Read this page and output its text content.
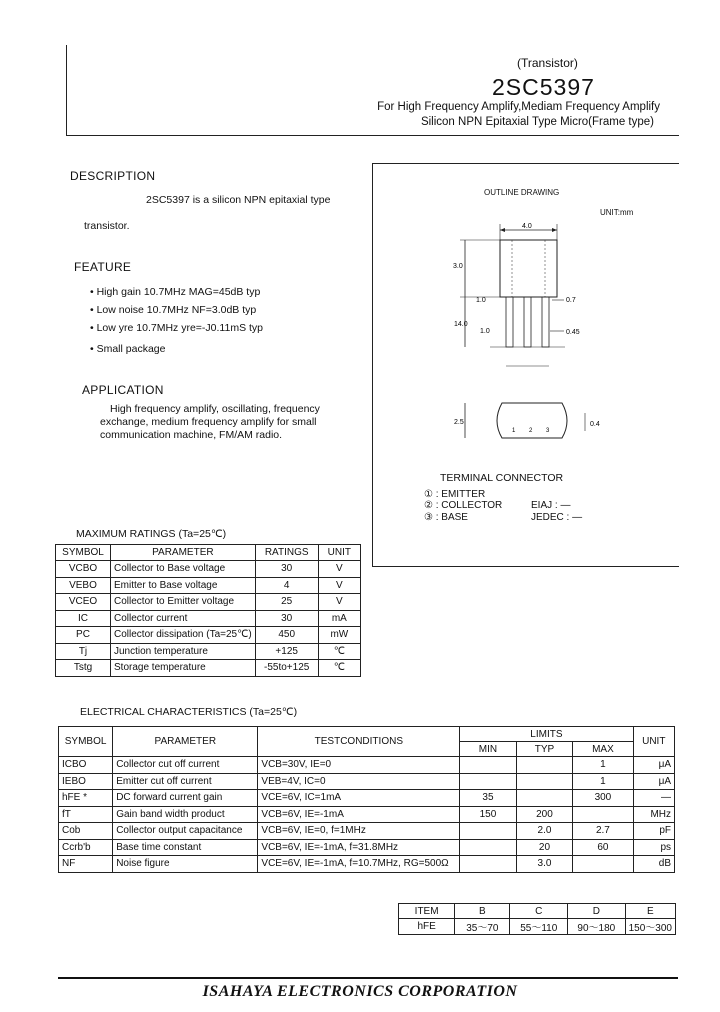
(Transistor)
2SC5397
For High Frequency Amplify,Mediam Frequency Amplify
Silicon NPN Epitaxial Type Micro(Frame type)
DESCRIPTION
2SC5397 is a silicon NPN epitaxial type
transistor.
FEATURE
• High gain 10.7MHz MAG=45dB typ
• Low noise 10.7MHz NF=3.0dB typ
• Low yre 10.7MHz yre=-J0.11mS typ
• Small package
APPLICATION
High frequency amplify, oscillating, frequency
exchange, medium frequency amplify for small
communication machine, FM/AM radio.
OUTLINE DRAWING
UNIT:mm
4.0
3.0
1.0	0.7
14.0
1.0	0.45
1 2 3
2.5	0.4
TERMINAL CONNECTOR
① : EMITTER
② : COLLECTOR
③ : BASE
EIAJ : —
JEDEC : —
MAXIMUM RATINGS (Ta=25℃)
SYMBOL	PARAMETER	RATINGS	UNIT
VCBO	Collector to Base voltage	30	V
VEBO	Emitter to Base voltage	4	V
VCEO	Collector to Emitter voltage	25	V
IC	Collector current	30	mA
PC	Collector dissipation (Ta=25℃)	450	mW
Tj	Junction temperature	+125	℃
Tstg	Storage temperature	-55to+125	℃
ELECTRICAL CHARACTERISTICS (Ta=25℃)
SYMBOL	PARAMETER	TESTCONDITIONS	LIMITS			UNIT
			MIN	TYP	MAX	
ICBO	Collector cut off current	VCB=30V, IE=0			1	μA
IEBO	Emitter cut off current	VEB=4V, IC=0			1	μA
hFE *	DC forward current gain	VCE=6V, IC=1mA	35		300	—
fT	Gain band width product	VCB=6V, IE=-1mA	150	200		MHz
Cob	Collector output capacitance	VCB=6V, IE=0, f=1MHz		2.0	2.7	pF
Ccrb'b	Base time constant	VCB=6V, IE=-1mA, f=31.8MHz		20	60	ps
NF	Noise figure	VCE=6V, IE=-1mA, f=10.7MHz, RG=500Ω		3.0		dB
ITEM	B	C	D	E
hFE	35～70	55～110	90～180	150～300
ISAHAYA ELECTRONICS CORPORATION
